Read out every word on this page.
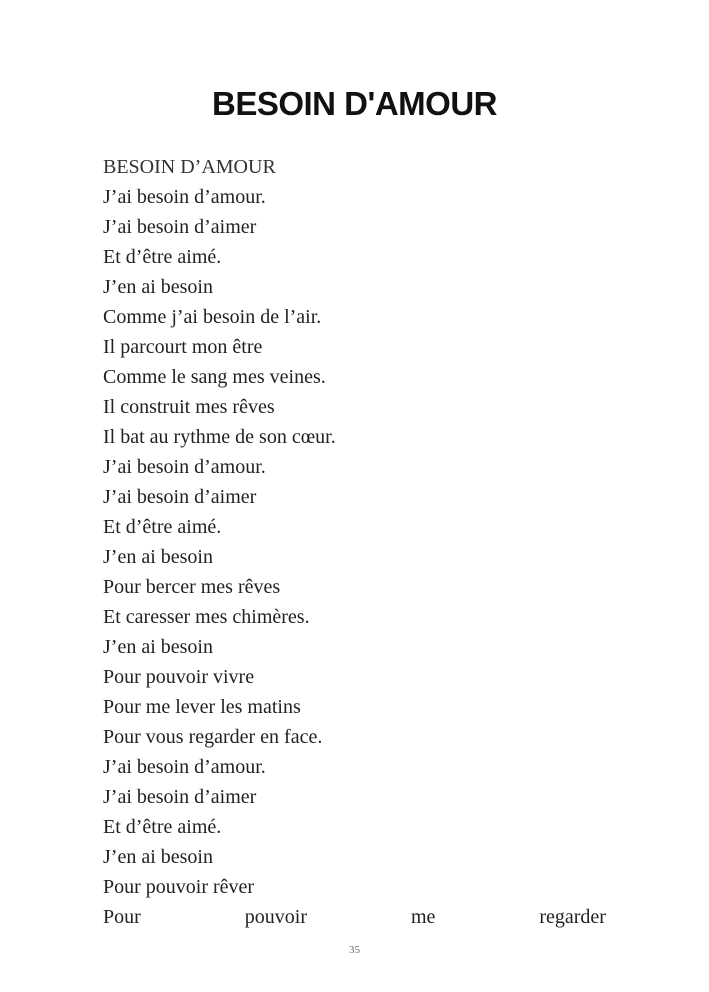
BESOIN D'AMOUR
BESOIN D’AMOUR
J’ai besoin d’amour.
J’ai besoin d’aimer
Et d’être aimé.
J’en ai besoin
Comme j’ai besoin de l’air.
Il parcourt mon être
Comme le sang mes veines.
Il construit mes rêves
Il bat au rythme de son cœur.
J’ai besoin d’amour.
J’ai besoin d’aimer
Et d’être aimé.
J’en ai besoin
Pour bercer mes rêves
Et caresser mes chimères.
J’en ai besoin
Pour pouvoir vivre
Pour me lever les matins
Pour vous regarder en face.
J’ai besoin d’amour.
J’ai besoin d’aimer
Et d’être aimé.
J’en ai besoin
Pour pouvoir rêver
Pour	pouvoir	me	regarder
35
